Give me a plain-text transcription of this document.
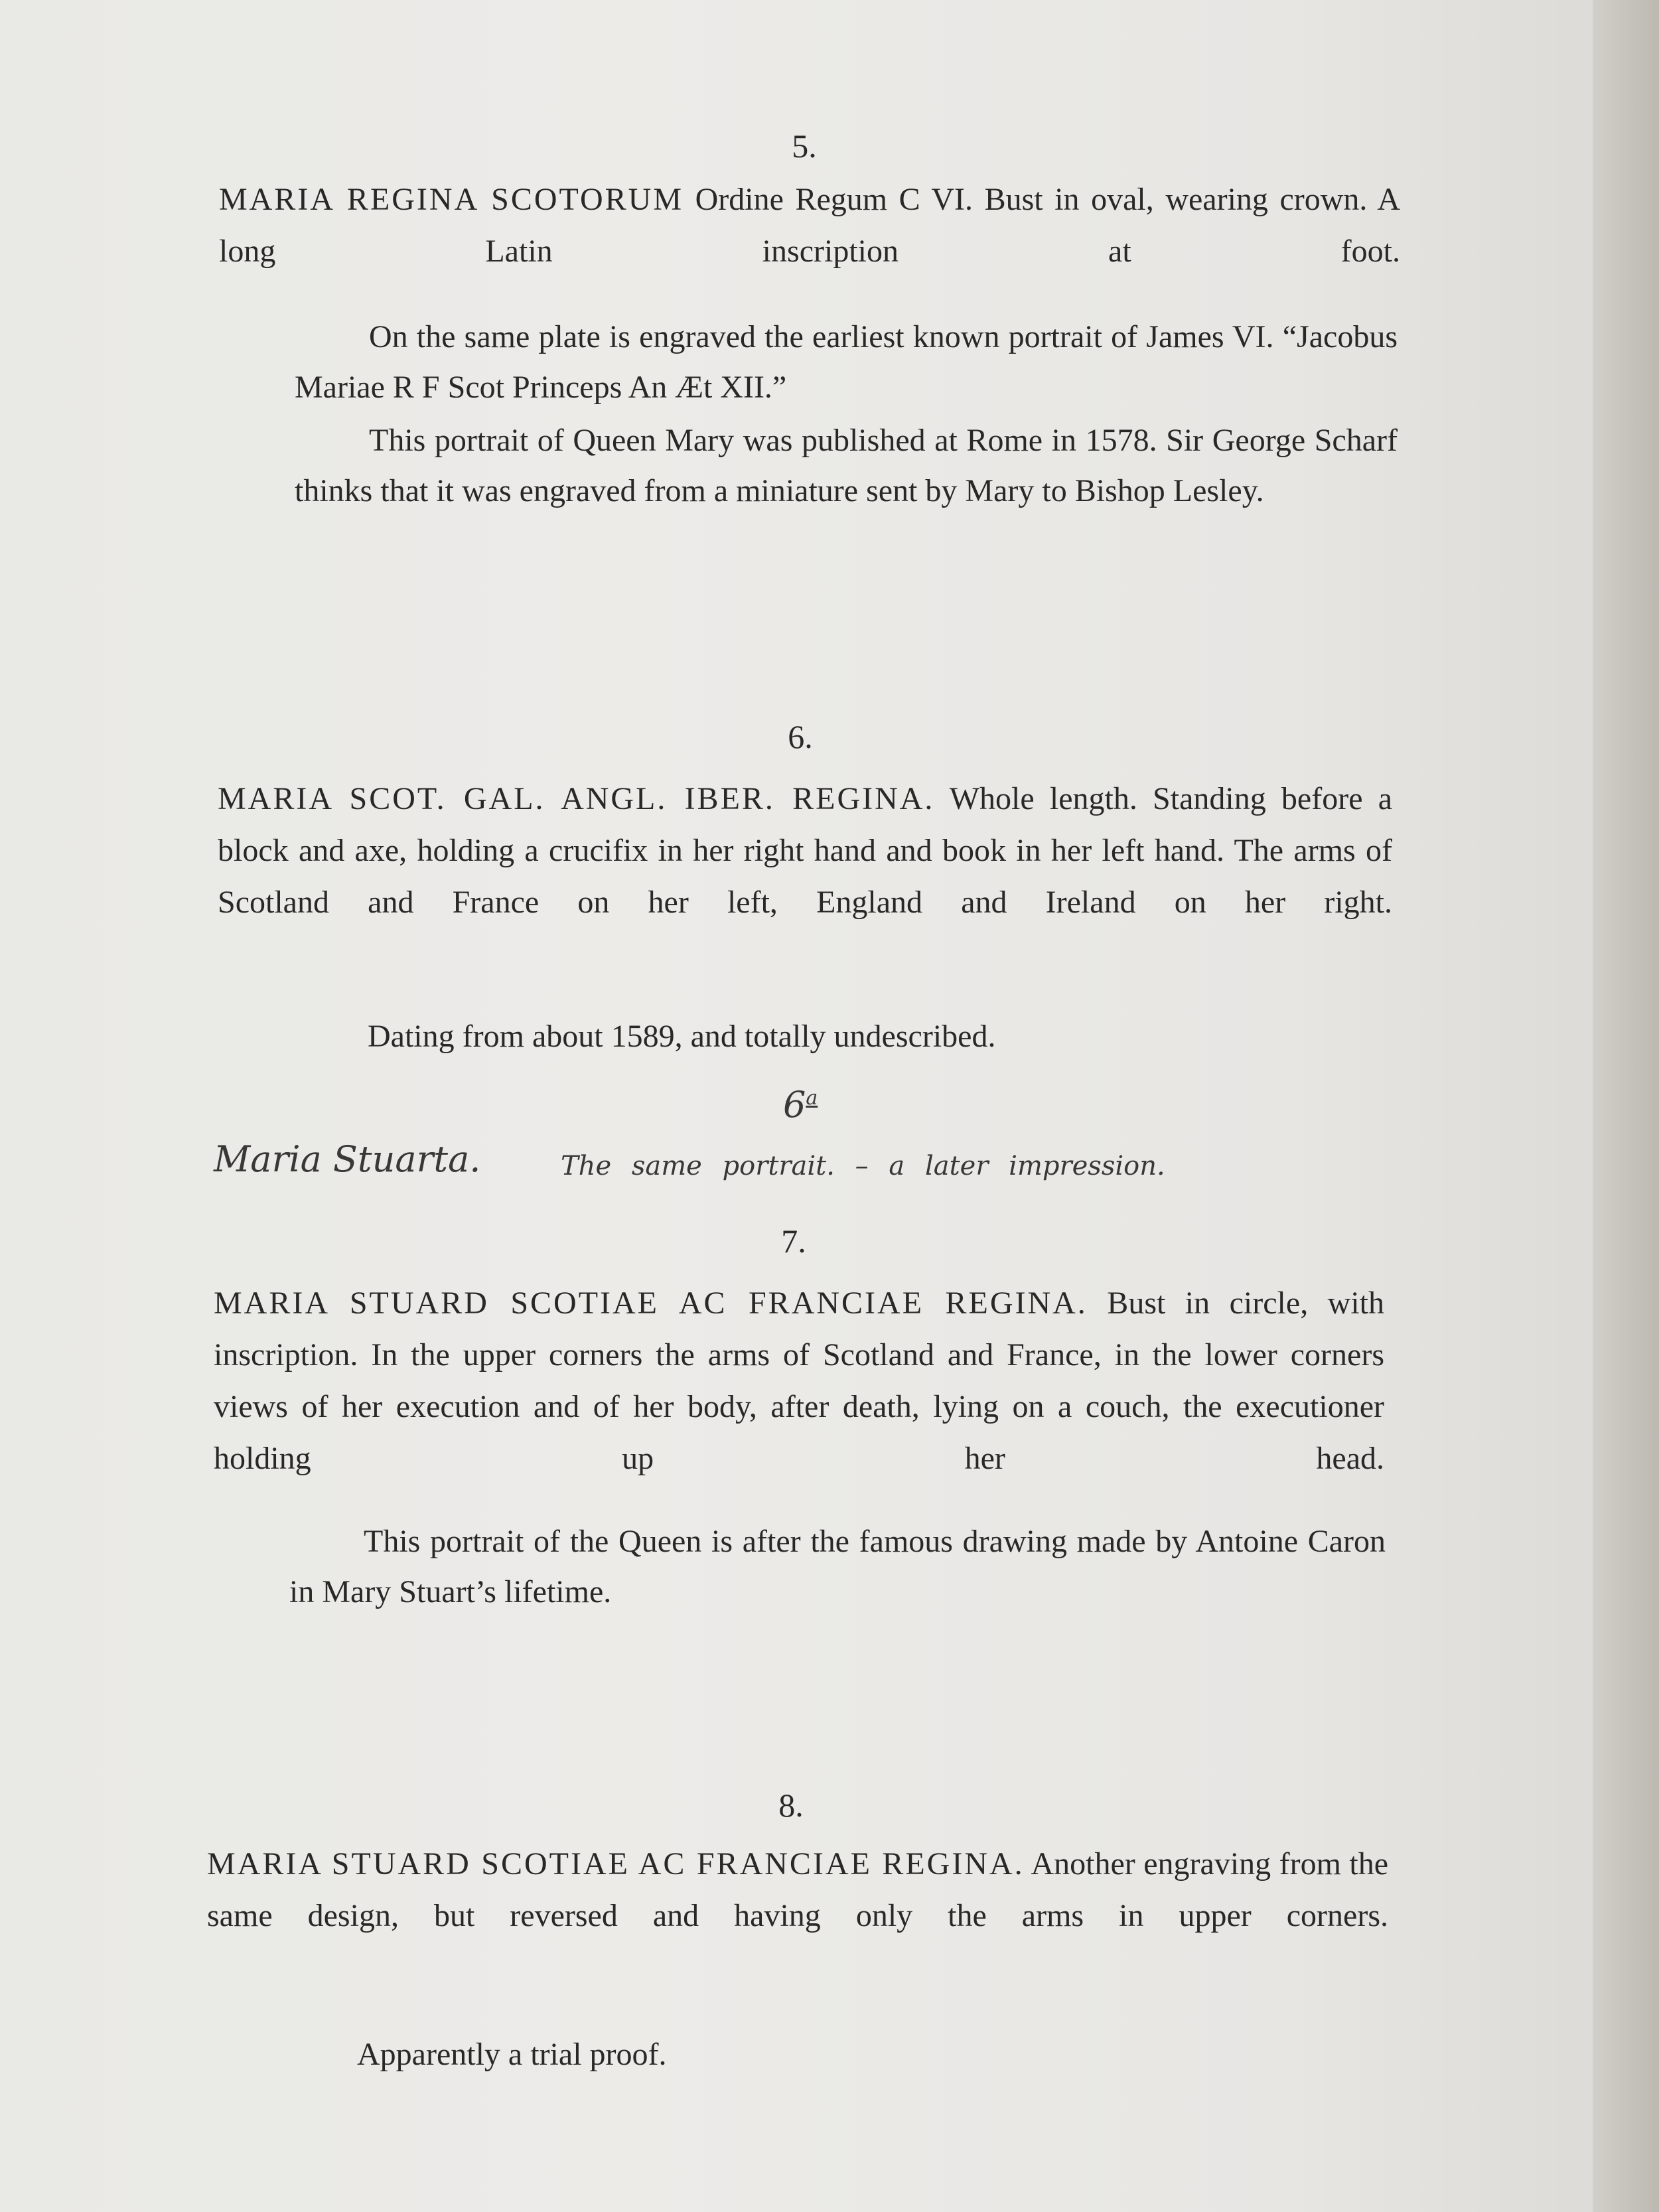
5.
MARIA REGINA SCOTORUM Ordine Regum C VI. Bust in oval, wearing crown. A long Latin inscription at foot.
On the same plate is engraved the earliest known portrait of James VI. “Jacobus Mariae R F Scot Princeps An Æt XII.”
This portrait of Queen Mary was published at Rome in 1578. Sir George Scharf thinks that it was engraved from a miniature sent by Mary to Bishop Lesley.
6.
MARIA SCOT. GAL. ANGL. IBER. REGINA. Whole length. Standing before a block and axe, holding a crucifix in her right hand and book in her left hand. The arms of Scotland and France on her left, England and Ireland on her right.
Dating from about 1589, and totally undescribed.
6$^a$
Maria Stuarta.	The same portrait. – a later impression.
7.
MARIA STUARD SCOTIAE AC FRANCIAE REGINA. Bust in circle, with inscription. In the upper corners the arms of Scotland and France, in the lower corners views of her execution and of her body, after death, lying on a couch, the executioner holding up her head.
This portrait of the Queen is after the famous drawing made by Antoine Caron in Mary Stuart’s lifetime.
8.
MARIA STUARD SCOTIAE AC FRANCIAE REGINA. Another engraving from the same design, but reversed and having only the arms in upper corners.
Apparently a trial proof.
